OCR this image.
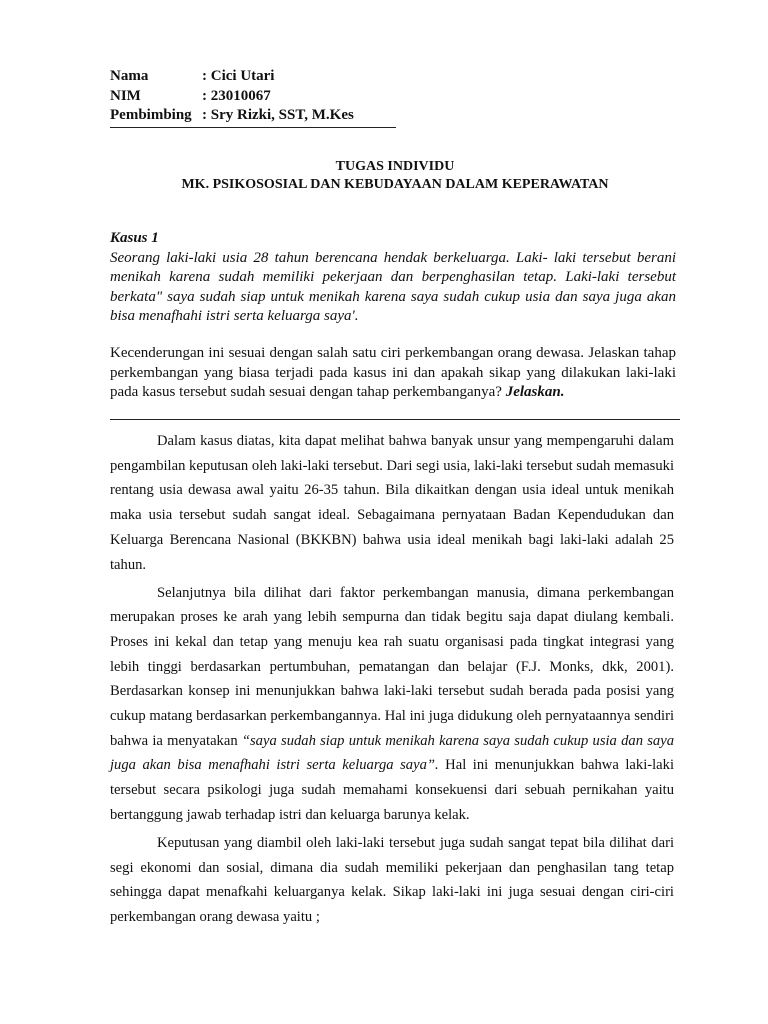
Nama	: Cici Utari
NIM	: 23010067
Pembimbing : Sry Rizki, SST, M.Kes
TUGAS INDIVIDU
MK. PSIKOSOSIAL DAN KEBUDAYAAN DALAM KEPERAWATAN
Kasus 1
Seorang laki-laki usia 28 tahun berencana hendak berkeluarga. Laki- laki tersebut berani menikah karena sudah memiliki pekerjaan dan berpenghasilan tetap. Laki-laki tersebut berkata" saya sudah siap untuk menikah karena saya sudah cukup usia dan saya juga akan bisa menafhahi istri serta keluarga saya'.
Kecenderungan ini sesuai dengan salah satu ciri perkembangan orang dewasa. Jelaskan tahap perkembangan yang biasa terjadi pada kasus ini dan apakah sikap yang dilakukan laki-laki pada kasus tersebut sudah sesuai dengan tahap perkembanganya? Jelaskan.

Dalam kasus diatas, kita dapat melihat bahwa banyak unsur yang mempengaruhi dalam pengambilan keputusan oleh laki-laki tersebut. Dari segi usia, laki-laki tersebut sudah memasuki rentang usia dewasa awal yaitu 26-35 tahun. Bila dikaitkan dengan usia ideal untuk menikah maka usia tersebut sudah sangat ideal. Sebagaimana pernyataan Badan Kependudukan dan Keluarga Berencana Nasional (BKKBN) bahwa usia ideal menikah bagi laki-laki adalah 25 tahun.

Selanjutnya bila dilihat dari faktor perkembangan manusia, dimana perkembangan merupakan proses ke arah yang lebih sempurna dan tidak begitu saja dapat diulang kembali. Proses ini kekal dan tetap yang menuju kea rah suatu organisasi pada tingkat integrasi yang lebih tinggi berdasarkan pertumbuhan, pematangan dan belajar (F.J. Monks, dkk, 2001). Berdasarkan konsep ini menunjukkan bahwa laki-laki tersebut sudah berada pada posisi yang cukup matang berdasarkan perkembangannya. Hal ini juga didukung oleh pernyataannya sendiri bahwa ia menyatakan “saya sudah siap untuk menikah karena saya sudah cukup usia dan saya juga akan bisa menafhahi istri serta keluarga saya”. Hal ini menunjukkan bahwa laki-laki tersebut secara psikologi juga sudah memahami konsekuensi dari sebuah pernikahan yaitu bertanggung jawab terhadap istri dan keluarga barunya kelak.

Keputusan yang diambil oleh laki-laki tersebut juga sudah sangat tepat bila dilihat dari segi ekonomi dan sosial, dimana dia sudah memiliki pekerjaan dan penghasilan tang tetap sehingga dapat menafkahi keluarganya kelak. Sikap laki-laki ini juga sesuai dengan ciri-ciri perkembangan orang dewasa yaitu ;
